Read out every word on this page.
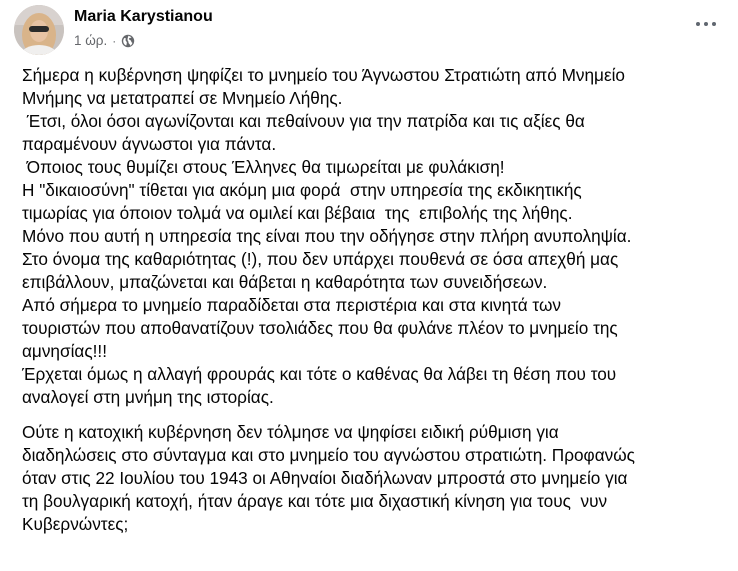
Maria Karystianou
1 ώρ. ·

Σήμερα η κυβέρνηση ψηφίζει το μνημείο του Άγνωστου Στρατιώτη από Μνημείο
Μνήμης να μετατραπεί σε Μνημείο Λήθης.
Έτσι, όλοι όσοι αγωνίζονται και πεθαίνουν για την πατρίδα και τις αξίες θα
παραμένουν άγνωστοι για πάντα.
Όποιος τους θυμίζει στους Έλληνες θα τιμωρείται με φυλάκιση!
Η "δικαιοσύνη" τίθεται για ακόμη μια φορά  στην υπηρεσία της εκδικητικής
τιμωρίας για όποιον τολμά να ομιλεί και βέβαια  της  επιβολής της λήθης.
Μόνο που αυτή η υπηρεσία της είναι που την οδήγησε στην πλήρη ανυποληψία.
Στο όνομα της καθαριότητας (!), που δεν υπάρχει πουθενά σε όσα απεχθή μας
επιβάλλουν, μπαζώνεται και θάβεται η καθαρότητα των συνειδήσεων.
Από σήμερα το μνημείο παραδίδεται στα περιστέρια και στα κινητά των
τουριστών που αποθανατίζουν τσολιάδες που θα φυλάνε πλέον το μνημείο της
αμνησίας!!!
Έρχεται όμως η αλλαγή φρουράς και τότε ο καθένας θα λάβει τη θέση που του
αναλογεί στη μνήμη της ιστορίας.

Ούτε η κατοχική κυβέρνηση δεν τόλμησε να ψηφίσει ειδική ρύθμιση για
διαδηλώσεις στο σύνταγμα και στο μνημείο του αγνώστου στρατιώτη. Προφανώς
όταν στις 22 Ιουλίου του 1943 οι Αθηναίοι διαδήλωναν μπροστά στο μνημείο για
τη βουλγαρική κατοχή, ήταν άραγε και τότε μια διχαστική κίνηση για τους  νυν
Κυβερνώντες;
